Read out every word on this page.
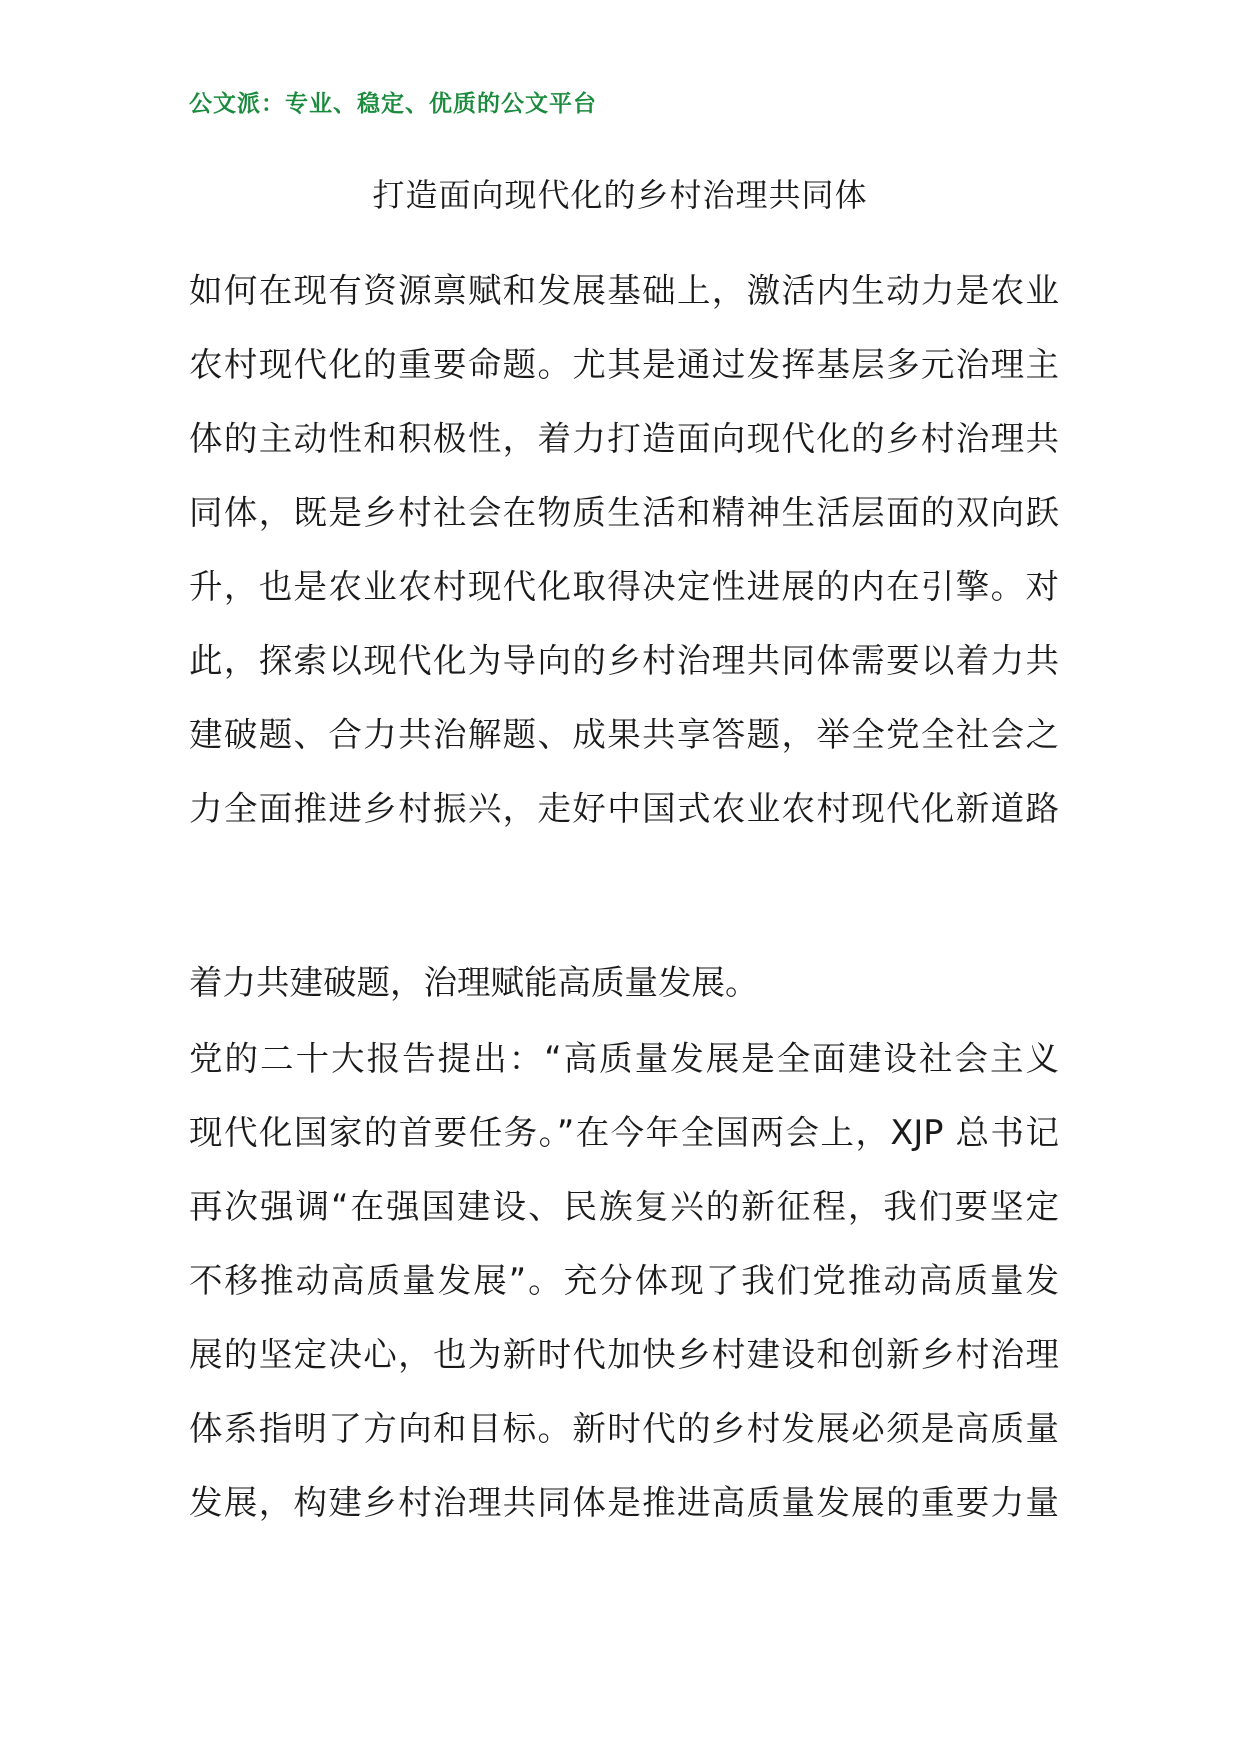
公文派：专业、稳定、优质的公文平台
打造面向现代化的乡村治理共同体
如何在现有资源禀赋和发展基础上，激活内生动力是农业
农村现代化的重要命题。尤其是通过发挥基层多元治理主
体的主动性和积极性，着力打造面向现代化的乡村治理共
同体，既是乡村社会在物质生活和精神生活层面的双向跃
升，也是农业农村现代化取得决定性进展的内在引擎。对
此，探索以现代化为导向的乡村治理共同体需要以着力共
建破题、合力共治解题、成果共享答题，举全党全社会之
力全面推进乡村振兴，走好中国式农业农村现代化新道路
着力共建破题，治理赋能高质量发展。
党的二十大报告提出：“高质量发展是全面建设社会主义
现代化国家的首要任务。”在今年全国两会上，XJP 总书记
再次强调“在强国建设、民族复兴的新征程，我们要坚定
不移推动高质量发展”。充分体现了我们党推动高质量发
展的坚定决心，也为新时代加快乡村建设和创新乡村治理
体系指明了方向和目标。新时代的乡村发展必须是高质量
发展，构建乡村治理共同体是推进高质量发展的重要力量
